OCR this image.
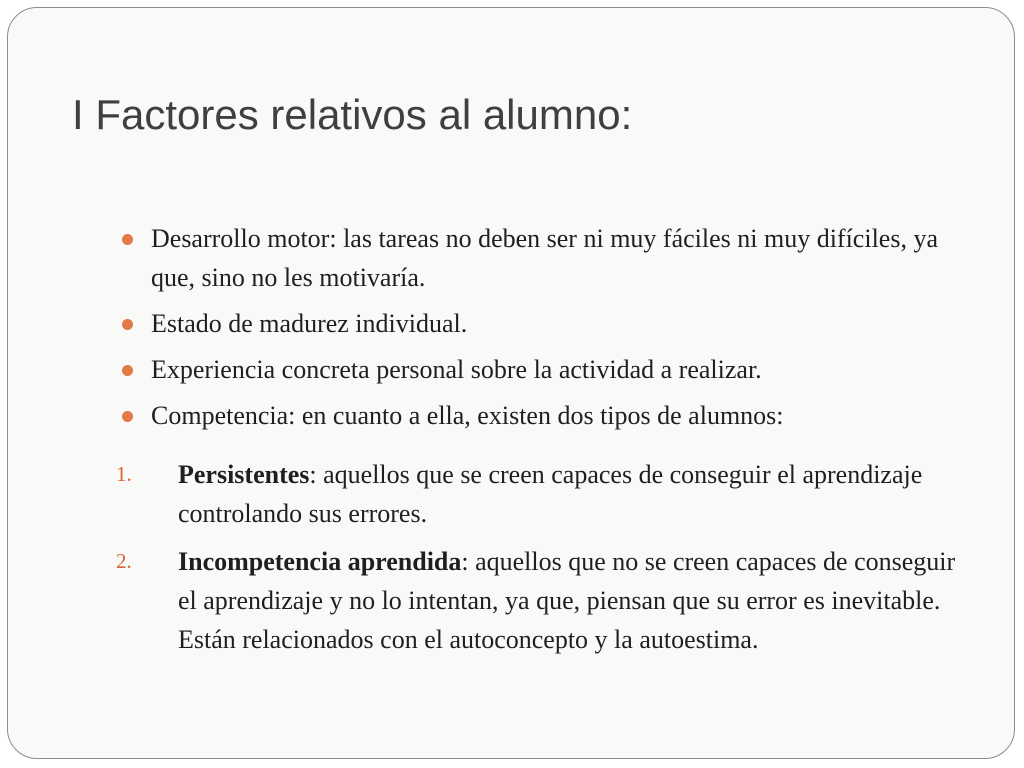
I Factores relativos al alumno:
Desarrollo motor: las tareas no deben ser ni muy fáciles ni muy difíciles, ya que, sino no les motivaría.
Estado de madurez individual.
Experiencia concreta personal sobre la actividad a realizar.
Competencia: en cuanto a ella, existen dos tipos de alumnos:
1. Persistentes: aquellos que se creen capaces de conseguir el aprendizaje controlando sus errores.
2. Incompetencia aprendida: aquellos que no se creen capaces de conseguir el aprendizaje y no lo intentan, ya que, piensan que su error es inevitable. Están relacionados con el autoconcepto y la autoestima.
